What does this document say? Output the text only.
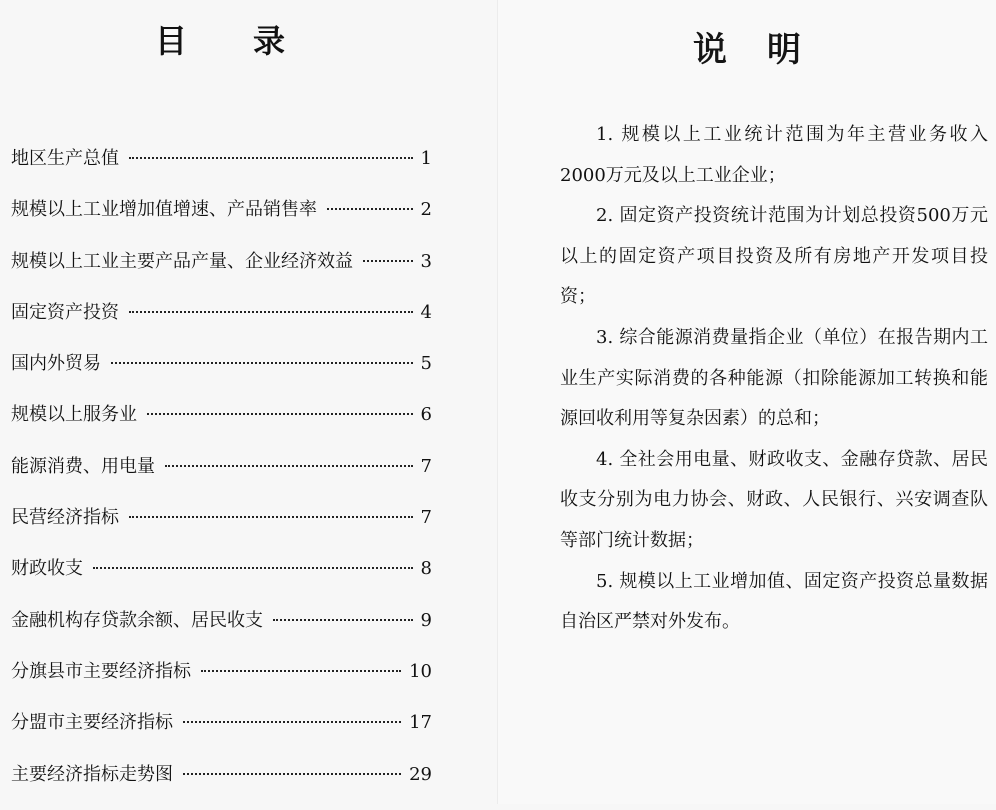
目录
地区生产总值	1
规模以上工业增加值增速、产品销售率	2
规模以上工业主要产品产量、企业经济效益	3
固定资产投资	4
国内外贸易	5
规模以上服务业	6
能源消费、用电量	7
民营经济指标	7
财政收支	8
金融机构存贷款余额、居民收支	9
分旗县市主要经济指标	10
分盟市主要经济指标	17
主要经济指标走势图	29
说明

1. 规模以上工业统计范围为年主营业务收入2000万元及以上工业企业；

2. 固定资产投资统计范围为计划总投资500万元以上的固定资产项目投资及所有房地产开发项目投资；

3. 综合能源消费量指企业（单位）在报告期内工业生产实际消费的各种能源（扣除能源加工转换和能源回收利用等复杂因素）的总和；

4. 全社会用电量、财政收支、金融存贷款、居民收支分别为电力协会、财政、人民银行、兴安调查队等部门统计数据；

5. 规模以上工业增加值、固定资产投资总量数据自治区严禁对外发布。
